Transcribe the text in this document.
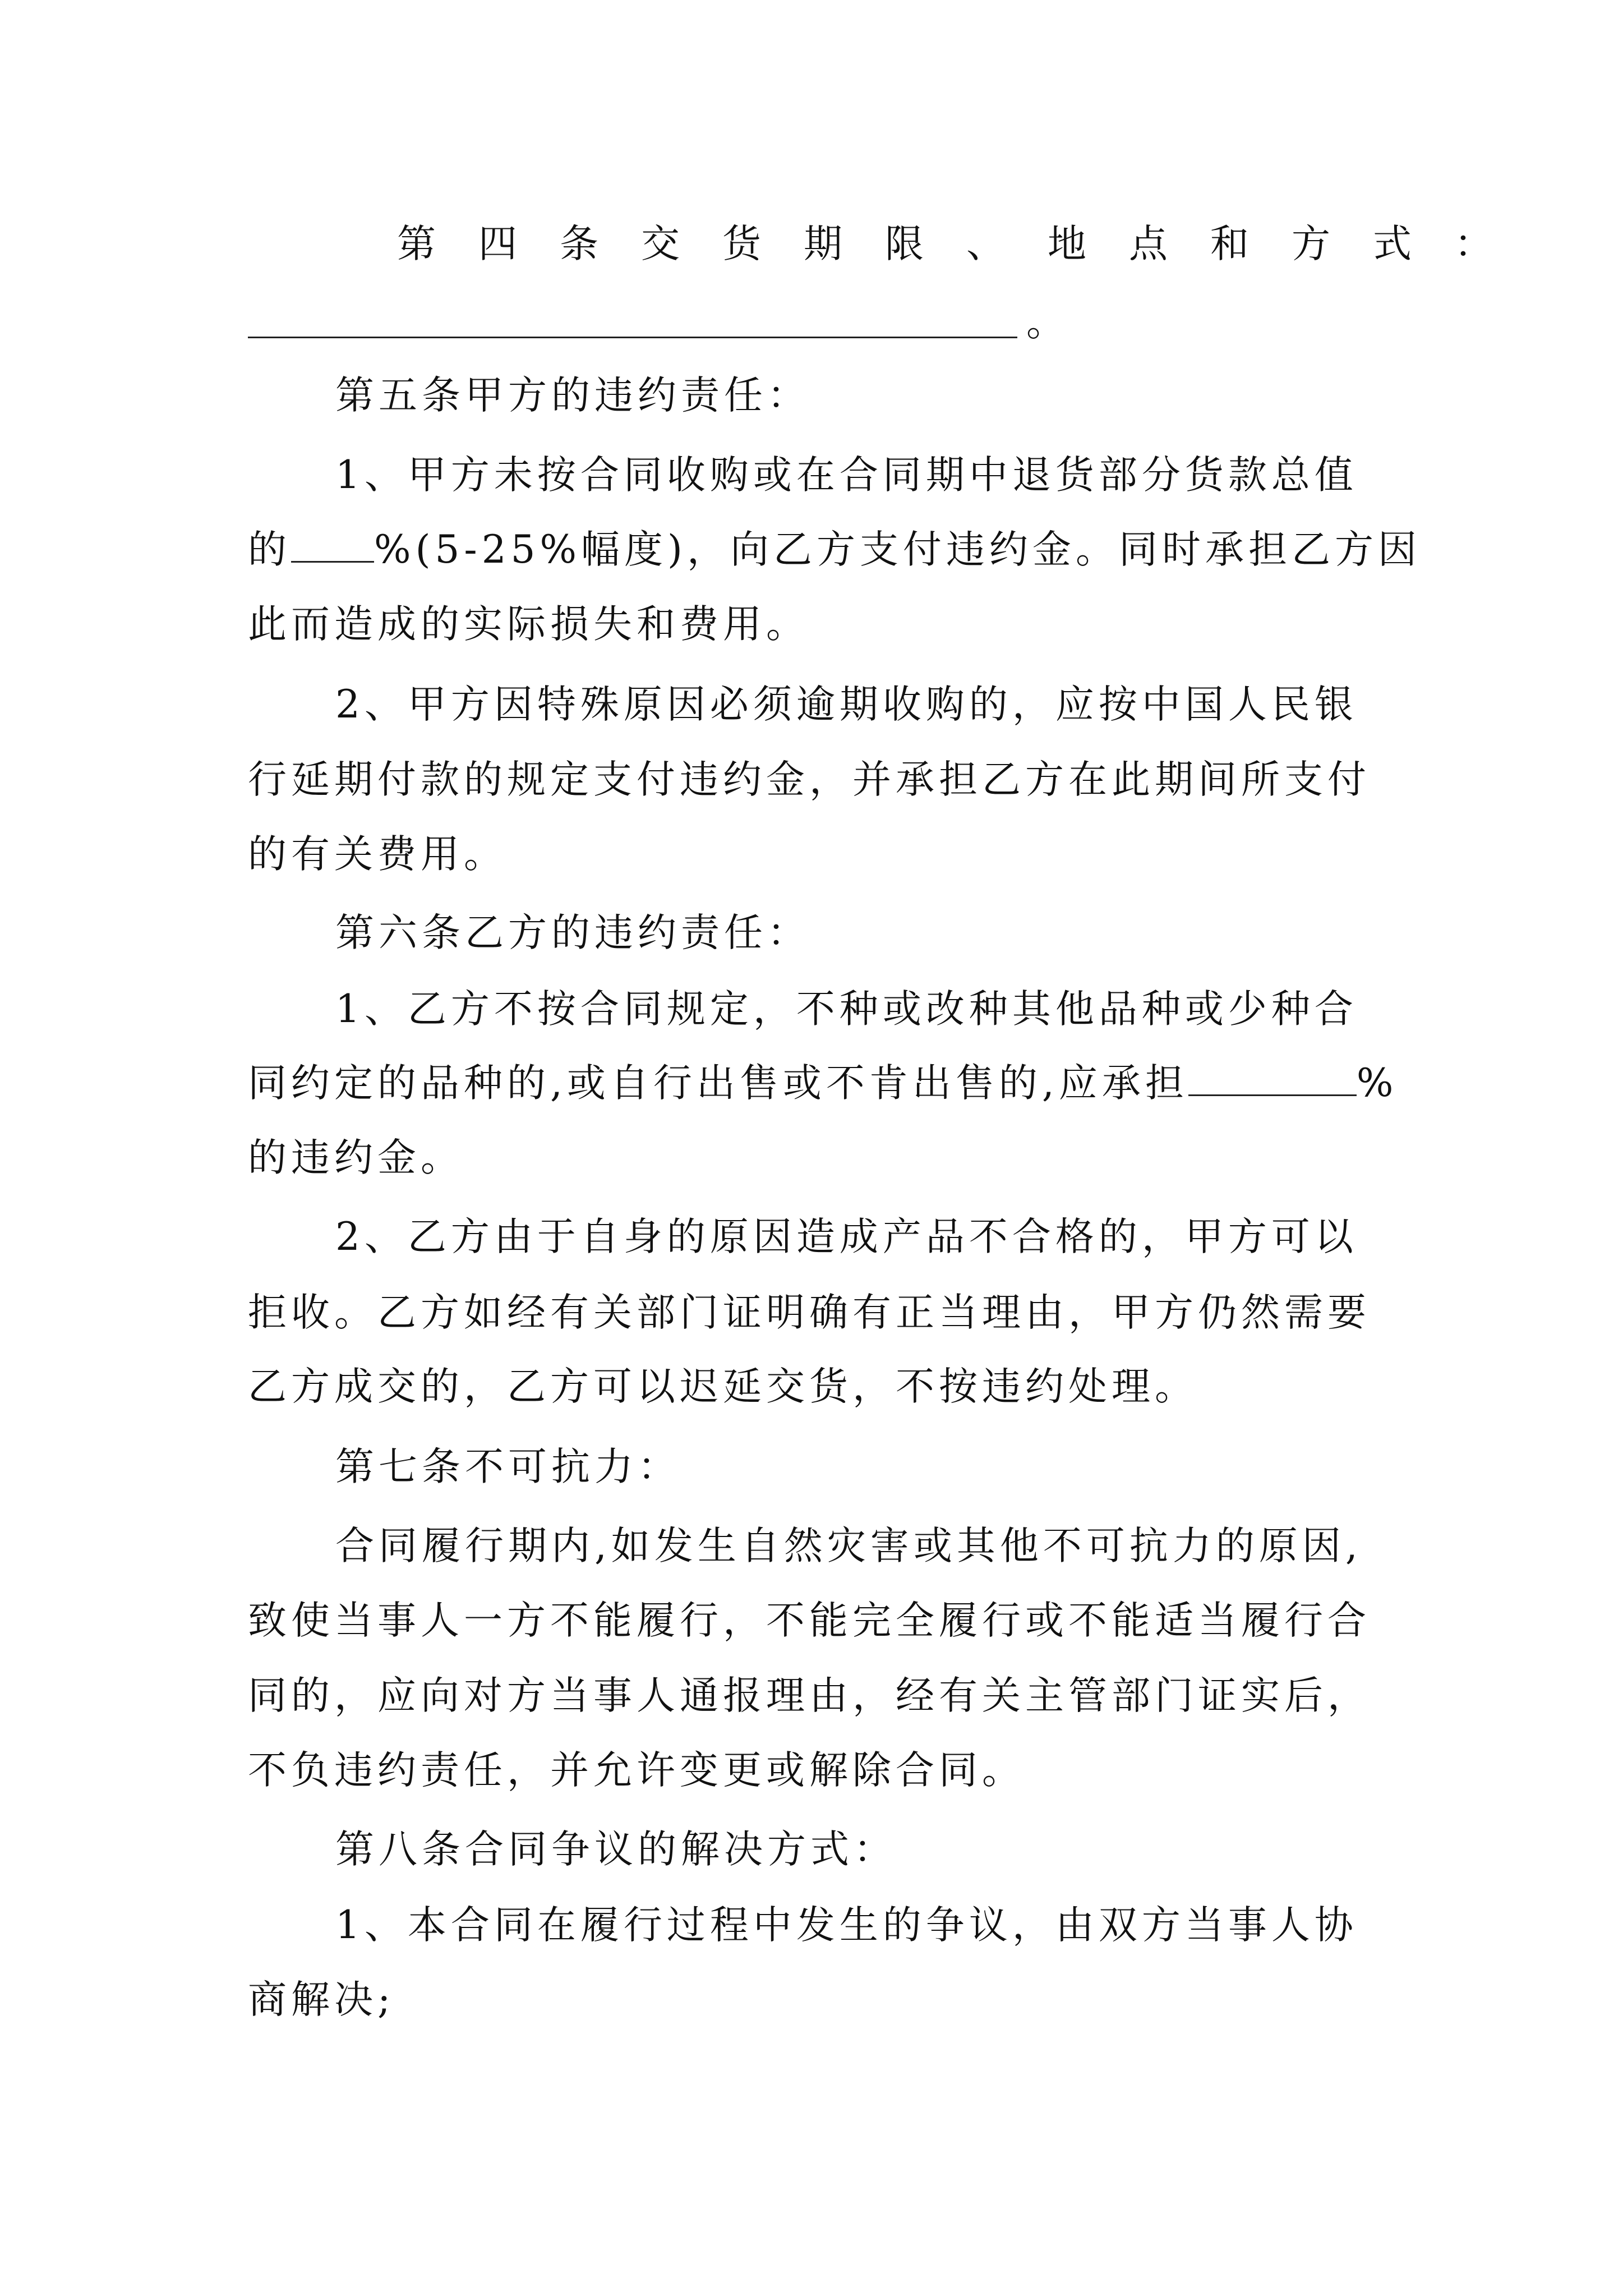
第四条交货期限、地点和方式：
。
第五条甲方的违约责任：
1、甲方未按合同收购或在合同期中退货部分货款总值
的 %(5-25%幅度)，向乙方支付违约金。同时承担乙方因
此而造成的实际损失和费用。
2、甲方因特殊原因必须逾期收购的，应按中国人民银
行延期付款的规定支付违约金，并承担乙方在此期间所支付
的有关费用。
第六条乙方的违约责任：
1、乙方不按合同规定，不种或改种其他品种或少种合
同约定的品种的,或自行出售或不肯出售的,应承担	%
的违约金。
2、乙方由于自身的原因造成产品不合格的，甲方可以
拒收。乙方如经有关部门证明确有正当理由，甲方仍然需要
乙方成交的，乙方可以迟延交货，不按违约处理。
第七条不可抗力：
合同履行期内,如发生自然灾害或其他不可抗力的原因,
致使当事人一方不能履行，不能完全履行或不能适当履行合
同的，应向对方当事人通报理由，经有关主管部门证实后，
不负违约责任，并允许变更或解除合同。
第八条合同争议的解决方式：
1、本合同在履行过程中发生的争议，由双方当事人协
商解决;
